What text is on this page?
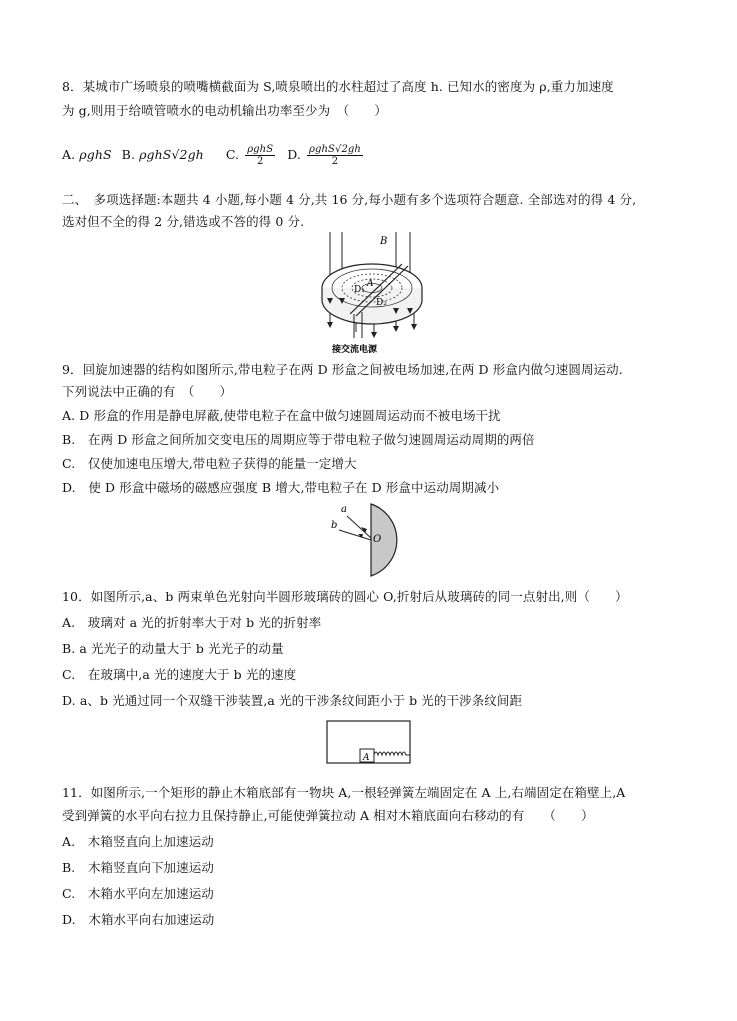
8．某城市广场喷泉的喷嘴横截面为 S,喷泉喷出的水柱超过了高度 h. 已知水的密度为 ρ,重力加速度
为 g,则用于给喷管喷水的电动机输出功率至少为　（　　）
A. ρghS B. ρghS√2gh C. $\frac{\text{ρghS}}{2} D$. $\frac{\text{ρghS√2gh}}{2}$
二、　多项选择题:本题共 4 小题,每小题 4 分,共 16 分,每小题有多个选项符合题意. 全部选对的得 4 分,
选对但不全的得 2 分,错选或不答的得 0 分.
B
A
D₁
D₂
接交流电源
9．回旋加速器的结构如图所示,带电粒子在两 D 形盒之间被电场加速,在两 D 形盒内做匀速圆周运动.
下列说法中正确的有　（　　）
A. D 形盒的作用是静电屏蔽,使带电粒子在盒中做匀速圆周运动而不被电场干扰
B.　在两 D 形盒之间所加交变电压的周期应等于带电粒子做匀速圆周运动周期的两倍
C.　仅使加速电压增大,带电粒子获得的能量一定增大
D.　使 D 形盒中磁场的磁感应强度 B 增大,带电粒子在 D 形盒中运动周期减小
a
b
O
10．如图所示,a、b 两束单色光射向半圆形玻璃砖的圆心 O,折射后从玻璃砖的同一点射出,则（　　）
A.　玻璃对 a 光的折射率大于对 b 光的折射率
B. a 光光子的动量大于 b 光光子的动量
C.　在玻璃中,a 光的速度大于 b 光的速度
D. a、b 光通过同一个双缝干涉装置,a 光的干涉条纹间距小于 b 光的干涉条纹间距
A
11．如图所示,一个矩形的静止木箱底部有一物块 A,一根轻弹簧左端固定在 A 上,右端固定在箱壁上,A
受到弹簧的水平向右拉力且保持静止,可能使弹簧拉动 A 相对木箱底面向右移动的有　　（　　）
A.　木箱竖直向上加速运动
B.　木箱竖直向下加速运动
C.　木箱水平向左加速运动
D.　木箱水平向右加速运动
